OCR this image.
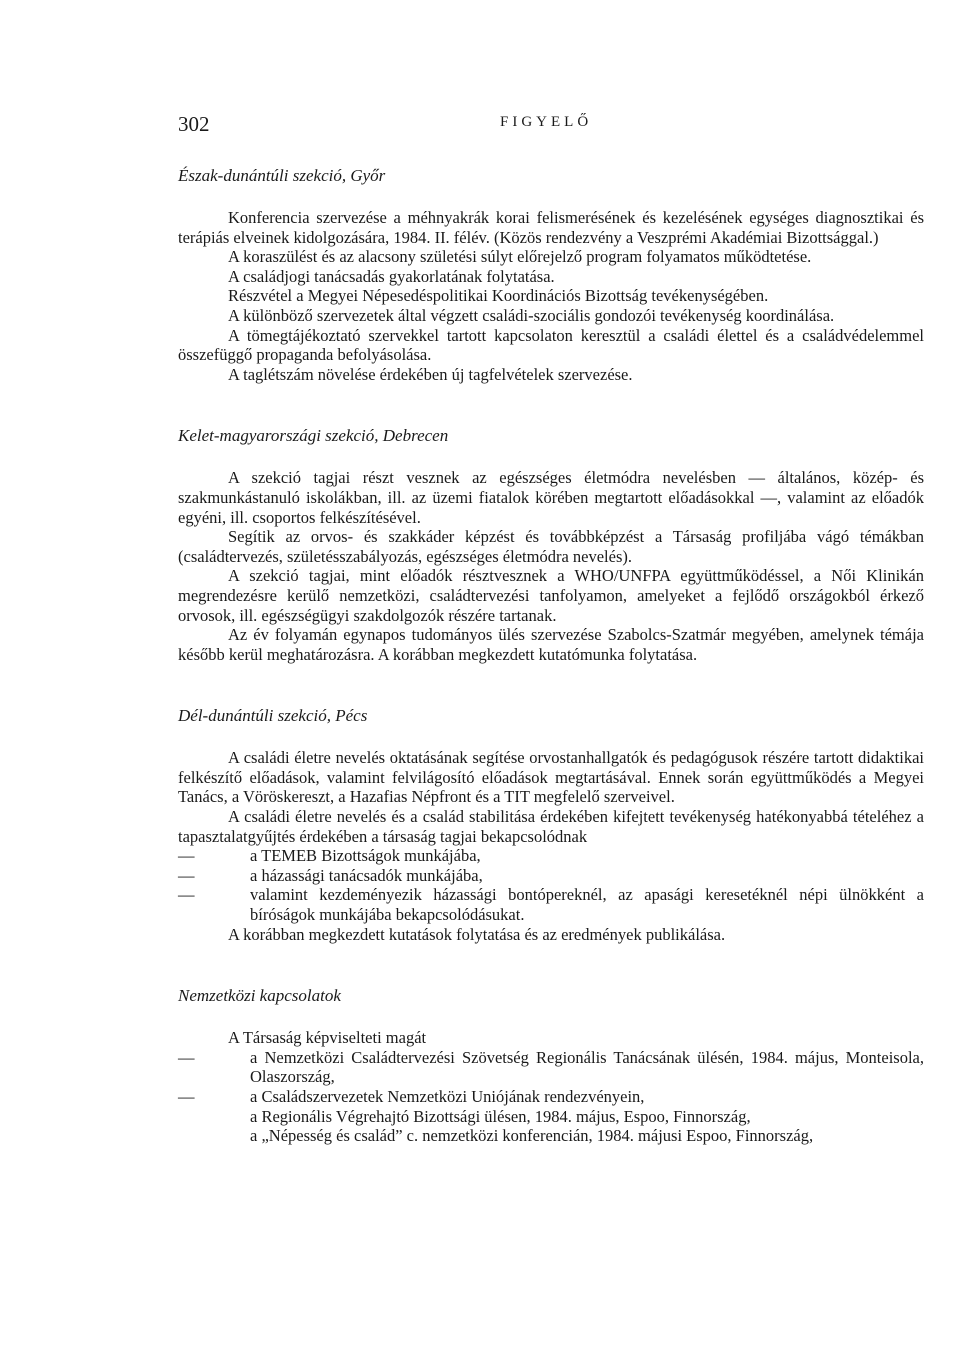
302	FIGYELŐ

Észak-dunántúli szekció, Győr

Konferencia szervezése a méhnyakrák korai felismerésének és kezelésének egységes diagnosztikai és terápiás elveinek kidolgozására, 1984. II. félév. (Közös rendezvény a Veszprémi Akadémiai Bizottsággal.)

A koraszülést és az alacsony születési súlyt előrejelző program folyamatos működtetése.

A családjogi tanácsadás gyakorlatának folytatása.

Részvétel a Megyei Népesedéspolitikai Koordinációs Bizottság tevékenységében.

A különböző szervezetek által végzett családi-szociális gondozói tevékenység koordinálása.

A tömegtájékoztató szervekkel tartott kapcsolaton keresztül a családi élettel és a családvédelemmel összefüggő propaganda befolyásolása.

A taglétszám növelése érdekében új tagfelvételek szervezése.

Kelet-magyarországi szekció, Debrecen

A szekció tagjai részt vesznek az egészséges életmódra nevelésben — általános, közép- és szakmunkástanuló iskolákban, ill. az üzemi fiatalok körében megtartott előadásokkal —, valamint az előadók egyéni, ill. csoportos felkészítésével.

Segítik az orvos- és szakkáder képzést és továbbképzést a Társaság profiljába vágó témákban (családtervezés, születésszabályozás, egészséges életmódra nevelés).

A szekció tagjai, mint előadók résztvesznek a WHO/UNFPA együttműködéssel, a Női Klinikán megrendezésre kerülő nemzetközi, családtervezési tanfolyamon, amelyeket a fejlődő országokból érkező orvosok, ill. egészségügyi szakdolgozók részére tartanak.

Az év folyamán egynapos tudományos ülés szervezése Szabolcs-Szatmár megyében, amelynek témája később kerül meghatározásra. A korábban megkezdett kutatómunka folytatása.

Dél-dunántúli szekció, Pécs

A családi életre nevelés oktatásának segítése orvostanhallgatók és pedagógusok részére tartott didaktikai felkészítő előadások, valamint felvilágosító előadások megtartásával. Ennek során együttműködés a Megyei Tanács, a Vöröskereszt, a Hazafias Népfront és a TIT megfelelő szerveivel.

A családi életre nevelés és a család stabilitása érdekében kifejtett tevékenység hatékonyabbá tételéhez a tapasztalatgyűjtés érdekében a társaság tagjai bekapcsolódnak

—	a TEMEB Bizottságok munkájába,

—	a házassági tanácsadók munkájába,

—	valamint kezdeményezik házassági bontópereknél, az apasági keresetéknél népi ülnökként a bíróságok munkájába bekapcsolódásukat.

A korábban megkezdett kutatások folytatása és az eredmények publikálása.

Nemzetközi kapcsolatok

A Társaság képviselteti magát

—	a Nemzetközi Családtervezési Szövetség Regionális Tanácsának ülésén, 1984. május, Monteisola, Olaszország,

—	a Családszervezetek Nemzetközi Uniójának rendezvényein,

a Regionális Végrehajtó Bizottsági ülésen, 1984. május, Espoo, Finnország,

a „Népesség és család” c. nemzetközi konferencián, 1984. májusi Espoo, Finnország,
